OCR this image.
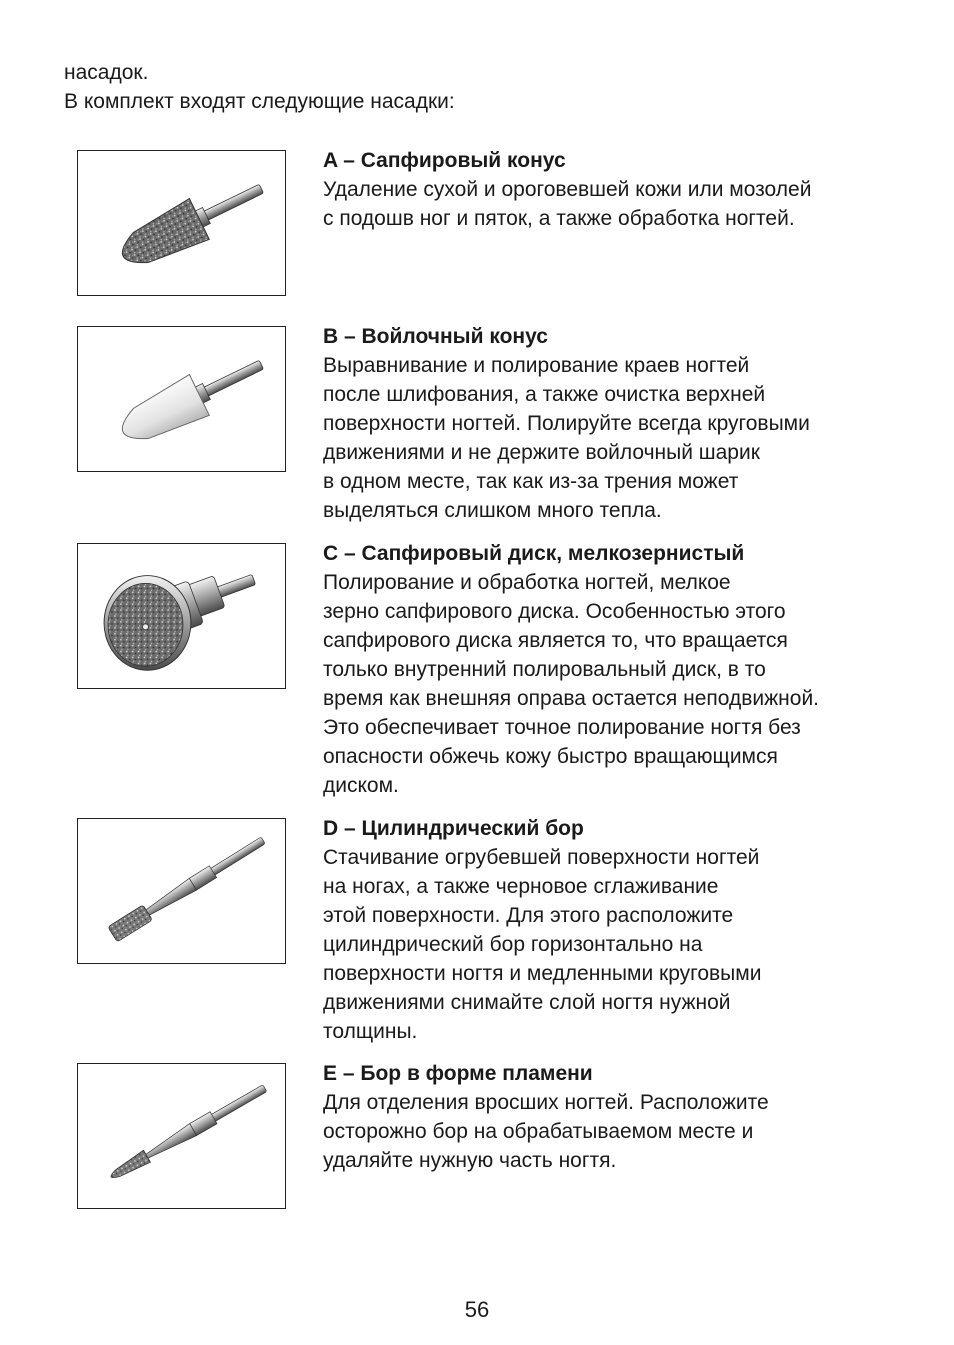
насадок.
В комплект входят следующие насадки:
A – Сапфировый конус
Удаление сухой и ороговевшей кожи или мозолей
с подошв ног и пяток, а также обработка ногтей.
B – Войлочный конус
Выравнивание и полирование краев ногтей
после шлифования, а также очистка верхней
поверхности ногтей. Полируйте всегда круговыми
движениями и не держите войлочный шарик
в одном месте, так как из-за трения может
выделяться слишком много тепла.
C – Сапфировый диск, мелкозернистый
Полирование и обработка ногтей, мелкое
зерно сапфирового диска. Особенностью этого
сапфирового диска является то, что вращается
только внутренний полировальный диск, в то
время как внешняя оправа остается неподвижной.
Это обеспечивает точное полирование ногтя без
опасности обжечь кожу быстро вращающимся
диском.
D – Цилиндрический бор
Стачивание огрубевшей поверхности ногтей
на ногах, а также черновое сглаживание
этой поверхности. Для этого расположите
цилиндрический бор горизонтально на
поверхности ногтя и медленными круговыми
движениями снимайте слой ногтя нужной
толщины.
E – Бор в форме пламени
Для отделения вросших ногтей. Расположите
осторожно бор на обрабатываемом месте и
удаляйте нужную часть ногтя.
56
